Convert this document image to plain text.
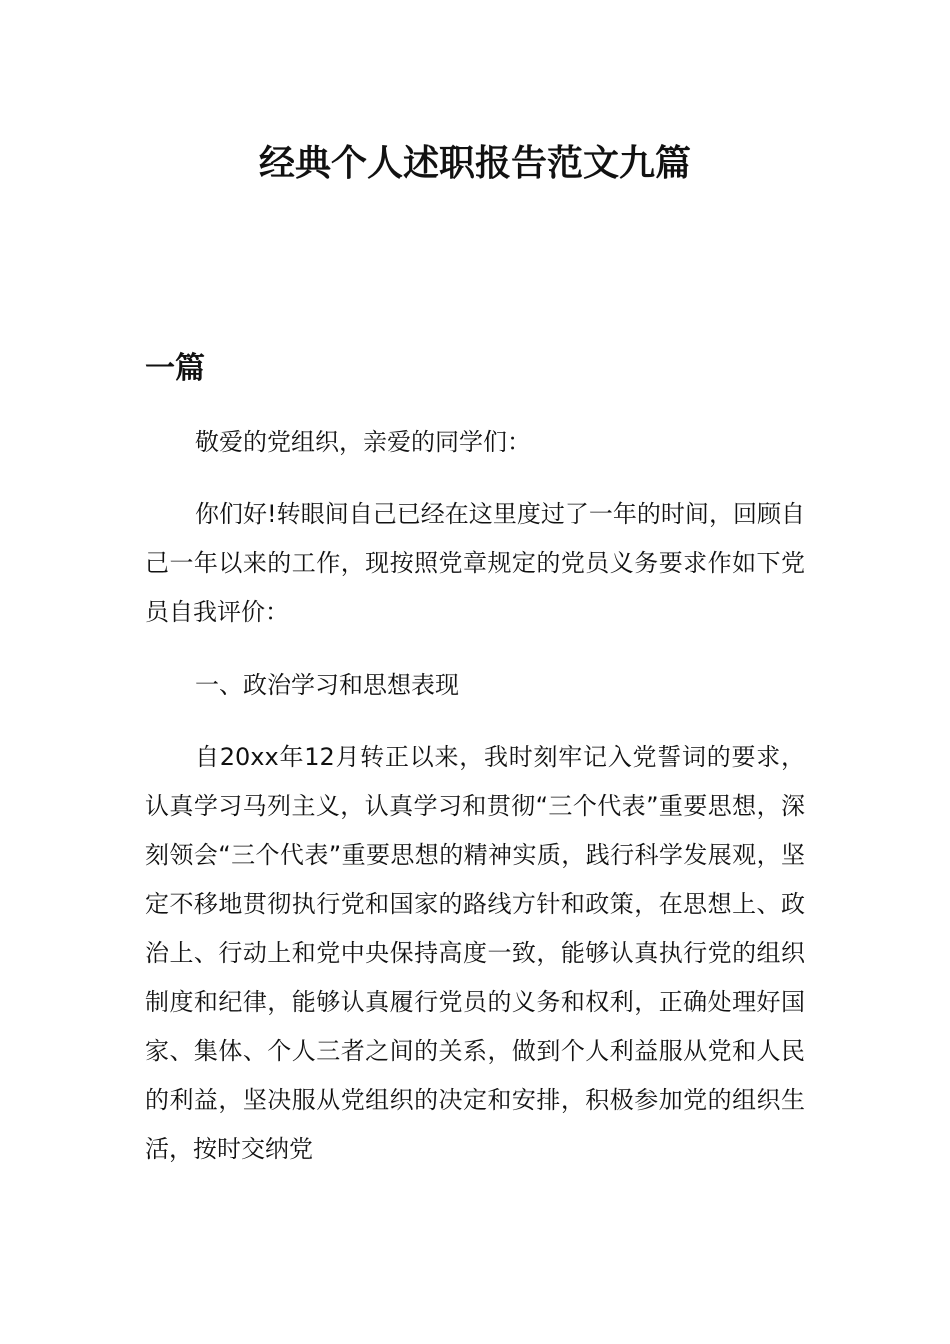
经典个人述职报告范文九篇
一篇

敬爱的党组织，亲爱的同学们：

你们好!转眼间自己已经在这里度过了一年的时间，回顾自己一年以来的工作，现按照党章规定的党员义务要求作如下党员自我评价：

一、政治学习和思想表现

自20xx年12月转正以来，我时刻牢记入党誓词的要求，认真学习马列主义，认真学习和贯彻“三个代表”重要思想，深刻领会“三个代表”重要思想的精神实质，践行科学发展观，坚定不移地贯彻执行党和国家的路线方针和政策，在思想上、政治上、行动上和党中央保持高度一致，能够认真执行党的组织制度和纪律，能够认真履行党员的义务和权利，正确处理好国家、集体、个人三者之间的关系，做到个人利益服从党和人民的利益，坚决服从党组织的决定和安排，积极参加党的组织生活，按时交纳党
